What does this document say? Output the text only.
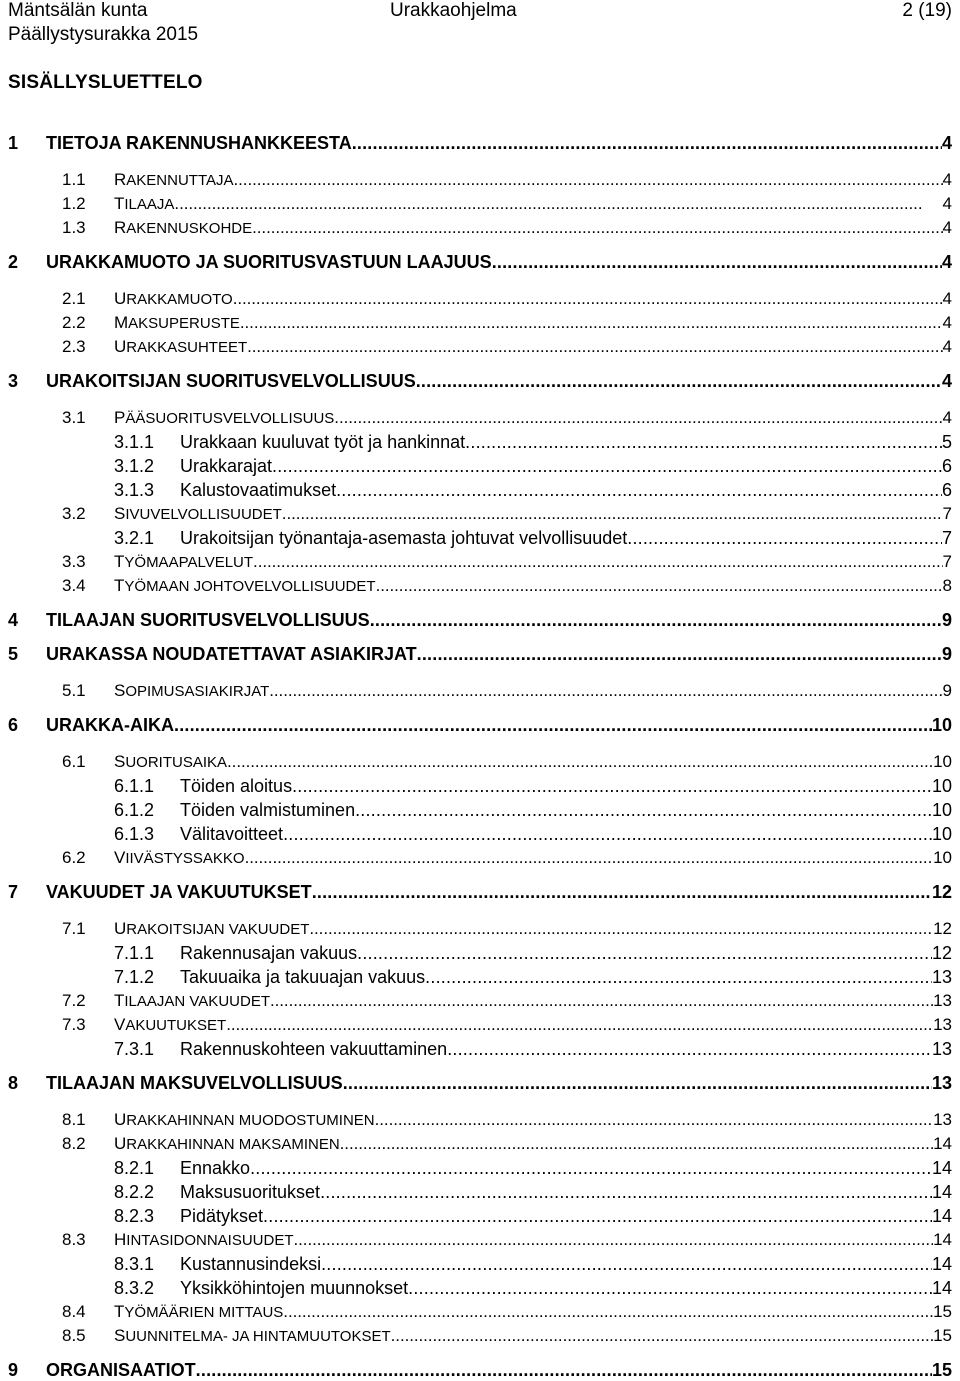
Mäntsälän kunta
Päällystysurakka 2015
Urakkaohjelma	2 (19)
SISÄLLYSLUETTELO
1	TIETOJA RAKENNUSHANKKEESTA . . .	4
1.1	RAKENNUTTAJA . . .	4
1.2	TILAAJA . . .	4
1.3	RAKENNUSKOHDE . . .	4
2	URAKKAMUOTO JA SUORITUSVASTUUN LAAJUUS . . .	4
2.1	URAKKAMUOTO . . .	4
2.2	MAKSUPERUSTE . . .	4
2.3	URAKKASUHTEET . . .	4
3	URAKOITSIJAN SUORITUSVELVOLLISUUS . . .	4
3.1	PÄÄSUORITUSVELVOLLISUUS . . .	4
3.1.1	Urakkaan kuuluvat työt ja hankinnat . . .	5
3.1.2	Urakkarajat . . .	6
3.1.3	Kalustovaatimukset . . .	6
3.2	SIVUVELVOLLISUUDET . . .	7
3.2.1	Urakoitsijan työnantaja-asemasta johtuvat velvollisuudet . . .	7
3.3	TYÖMAAPALVELUT . . .	7
3.4	TYÖMAAN JOHTOVELVOLLISUUDET . . .	8
4	TILAAJAN SUORITUSVELVOLLISUUS . . .	9
5	URAKASSA NOUDATETTAVAT ASIAKIRJAT . . .	9
5.1	SOPIMUSASIAKIRJAT . . .	9
6	URAKKA-AIKA . . .	10
6.1	SUORITUSAIKA . . .	10
6.1.1	Töiden aloitus . . .	10
6.1.2	Töiden valmistuminen . . .	10
6.1.3	Välitavoitteet . . .	10
6.2	VIIVÄSTYSSAKKO . . .	10
7	VAKUUDET JA VAKUUTUKSET . . .	12
7.1	URAKOITSIJAN VAKUUDET . . .	12
7.1.1	Rakennusajan vakuus . . .	12
7.1.2	Takuuaika ja takuuajan vakuus . . .	13
7.2	TILAAJAN VAKUUDET . . .	13
7.3	VAKUUTUKSET . . .	13
7.3.1	Rakennuskohteen vakuuttaminen . . .	13
8	TILAAJAN MAKSUVELVOLLISUUS . . .	13
8.1	URAKKAHINNAN MUODOSTUMINEN . . .	13
8.2	URAKKAHINNAN MAKSAMINEN . . .	14
8.2.1	Ennakko . . .	14
8.2.2	Maksusuoritukset . . .	14
8.2.3	Pidätykset . . .	14
8.3	HINTASIDONNAISUUDET . . .	14
8.3.1	Kustannusindeksi . . .	14
8.3.2	Yksikköhintojen muunnokset . . .	14
8.4	TYÖMÄÄRIEN MITTAUS . . .	15
8.5	SUUNNITELMA- JA HINTAMUUTOKSET . . .	15
9	ORGANISAATIOT . . .	15
